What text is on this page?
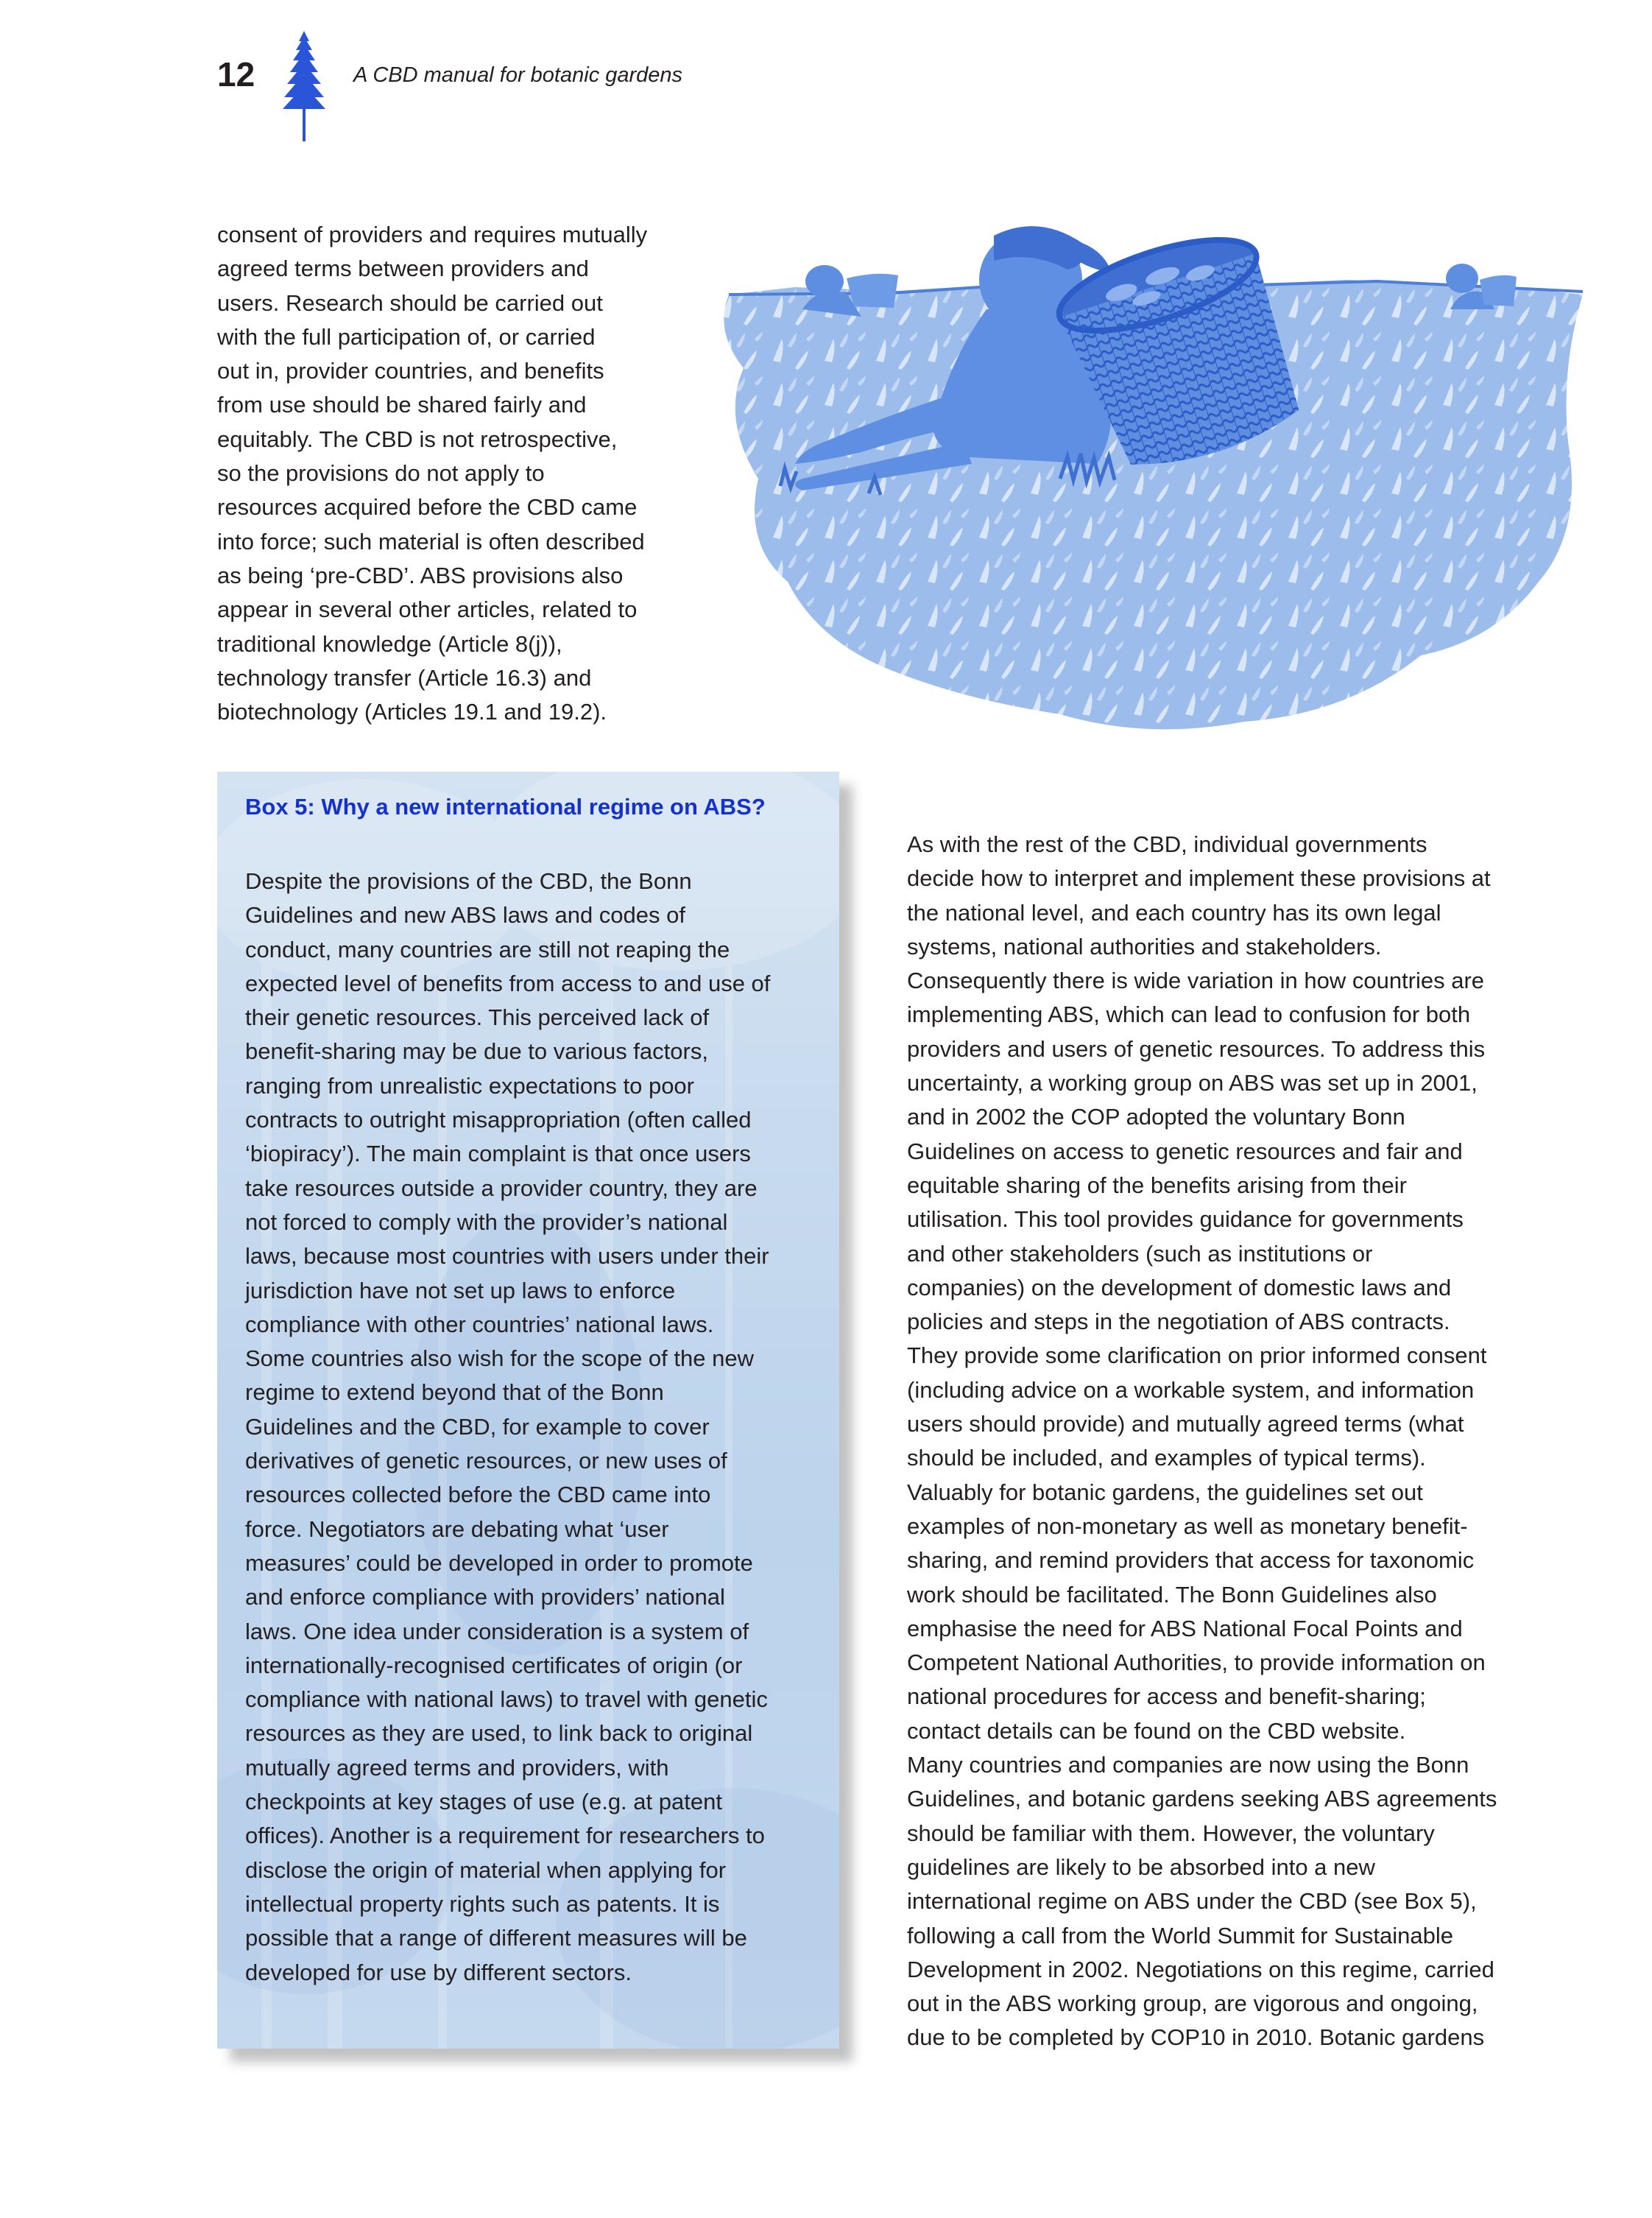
12	A CBD manual for botanic gardens
consent of providers and requires mutually
agreed terms between providers and
users. Research should be carried out
with the full participation of, or carried
out in, provider countries, and benefits
from use should be shared fairly and
equitably. The CBD is not retrospective,
so the provisions do not apply to
resources acquired before the CBD came
into force; such material is often described
as being ‘pre-CBD’. ABS provisions also
appear in several other articles, related to
traditional knowledge (Article 8(j)),
technology transfer (Article 16.3) and
biotechnology (Articles 19.1 and 19.2).
Box 5: Why a new international regime on ABS?
Despite the provisions of the CBD, the Bonn
Guidelines and new ABS laws and codes of
conduct, many countries are still not reaping the
expected level of benefits from access to and use of
their genetic resources. This perceived lack of
benefit-sharing may be due to various factors,
ranging from unrealistic expectations to poor
contracts to outright misappropriation (often called
‘biopiracy’). The main complaint is that once users
take resources outside a provider country, they are
not forced to comply with the provider’s national
laws, because most countries with users under their
jurisdiction have not set up laws to enforce
compliance with other countries’ national laws.
Some countries also wish for the scope of the new
regime to extend beyond that of the Bonn
Guidelines and the CBD, for example to cover
derivatives of genetic resources, or new uses of
resources collected before the CBD came into
force. Negotiators are debating what ‘user
measures’ could be developed in order to promote
and enforce compliance with providers’ national
laws. One idea under consideration is a system of
internationally-recognised certificates of origin (or
compliance with national laws) to travel with genetic
resources as they are used, to link back to original
mutually agreed terms and providers, with
checkpoints at key stages of use (e.g. at patent
offices). Another is a requirement for researchers to
disclose the origin of material when applying for
intellectual property rights such as patents. It is
possible that a range of different measures will be
developed for use by different sectors.
As with the rest of the CBD, individual governments
decide how to interpret and implement these provisions at
the national level, and each country has its own legal
systems, national authorities and stakeholders.
Consequently there is wide variation in how countries are
implementing ABS, which can lead to confusion for both
providers and users of genetic resources. To address this
uncertainty, a working group on ABS was set up in 2001,
and in 2002 the COP adopted the voluntary Bonn
Guidelines on access to genetic resources and fair and
equitable sharing of the benefits arising from their
utilisation. This tool provides guidance for governments
and other stakeholders (such as institutions or
companies) on the development of domestic laws and
policies and steps in the negotiation of ABS contracts.
They provide some clarification on prior informed consent
(including advice on a workable system, and information
users should provide) and mutually agreed terms (what
should be included, and examples of typical terms).
Valuably for botanic gardens, the guidelines set out
examples of non-monetary as well as monetary benefit-
sharing, and remind providers that access for taxonomic
work should be facilitated. The Bonn Guidelines also
emphasise the need for ABS National Focal Points and
Competent National Authorities, to provide information on
national procedures for access and benefit-sharing;
contact details can be found on the CBD website.
Many countries and companies are now using the Bonn
Guidelines, and botanic gardens seeking ABS agreements
should be familiar with them. However, the voluntary
guidelines are likely to be absorbed into a new
international regime on ABS under the CBD (see Box 5),
following a call from the World Summit for Sustainable
Development in 2002. Negotiations on this regime, carried
out in the ABS working group, are vigorous and ongoing,
due to be completed by COP10 in 2010. Botanic gardens
